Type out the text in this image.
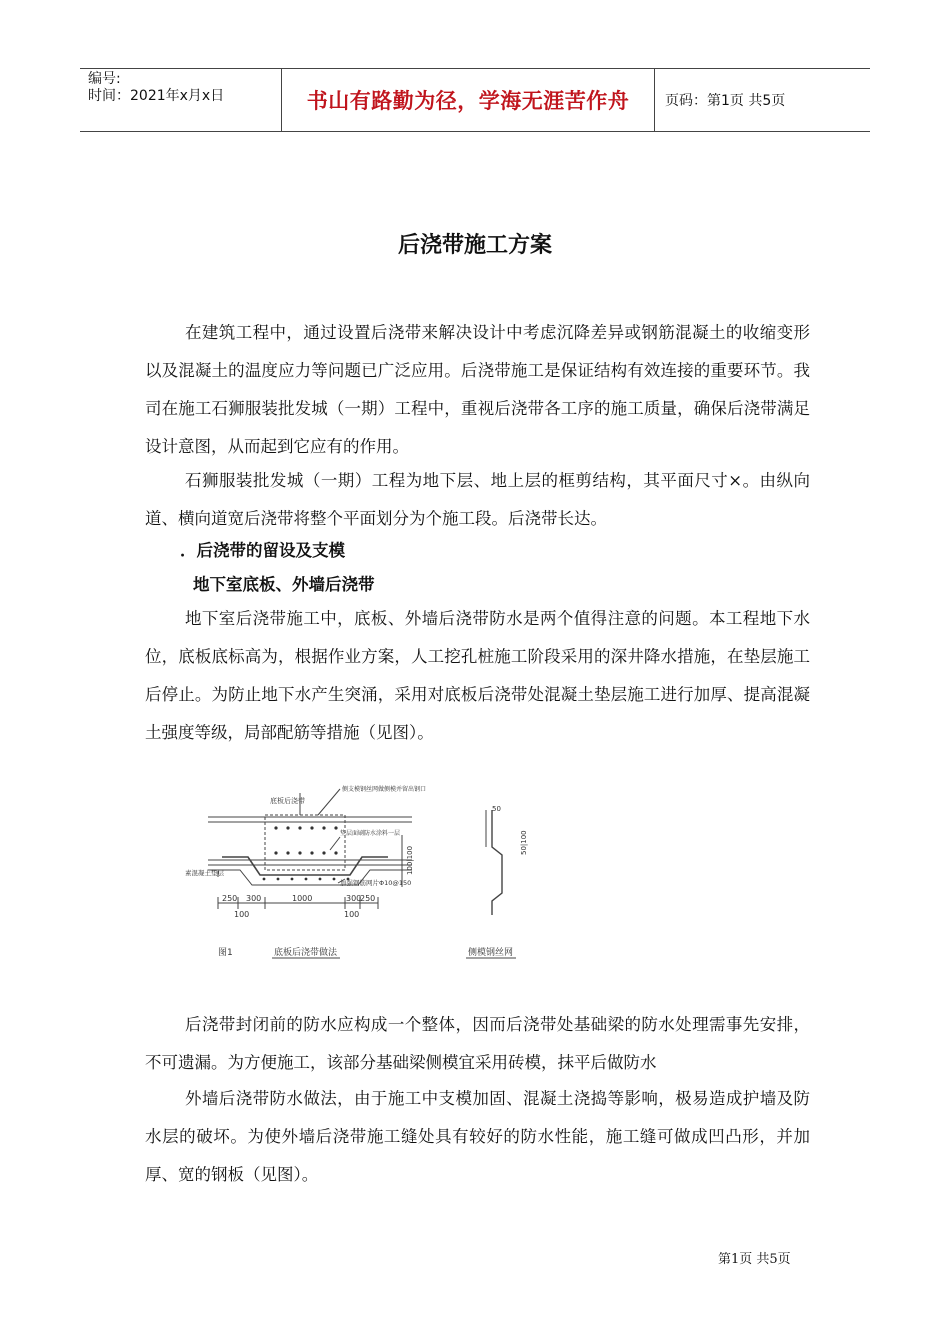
编号:
时间：2021年x月x日	书山有路勤为径，学海无涯苦作舟	页码：第1页 共5页
后浇带施工方案

在建筑工程中，通过设置后浇带来解决设计中考虑沉降差异或钢筋混凝土的收缩变形以及混凝土的温度应力等问题已广泛应用。后浇带施工是保证结构有效连接的重要环节。我司在施工石狮服装批发城（一期）工程中，重视后浇带各工序的施工质量，确保后浇带满足设计意图，从而起到它应有的作用。

石狮服装批发城（一期）工程为地下层、地上层的框剪结构，其平面尺寸×。由纵向道、横向道宽后浇带将整个平面划分为个施工段。后浇带长达。

．后浇带的留设及支模
地下室底板、外墙后浇带

地下室后浇带施工中，底板、外墙后浇带防水是两个值得注意的问题。本工程地下水位，底板底标高为，根据作业方案，人工挖孔桩施工阶段采用的深井降水措施，在垫层施工后停止。为防止地下水产生突涌，采用对底板后浇带处混凝土垫层施工进行加厚、提高混凝土强度等级，局部配筋等措施（见图）。

底板后浇带
侧支模钢丝网做侧模并留出钢口
垫层面刷防水涂料一层
素混凝土垫层
加强钢筋网片Φ10@150
250 300	1000	300
250
100	100
100|100
50
50|100
图1	底板后浇带做法	侧模钢丝网

后浇带封闭前的防水应构成一个整体，因而后浇带处基础梁的防水处理需事先安排，不可遗漏。为方便施工，该部分基础梁侧模宜采用砖模，抹平后做防水

外墙后浇带防水做法，由于施工中支模加固、混凝土浇捣等影响，极易造成护墙及防水层的破坏。为使外墙后浇带施工缝处具有较好的防水性能，施工缝可做成凹凸形，并加厚、宽的钢板（见图）。

第1页 共5页
